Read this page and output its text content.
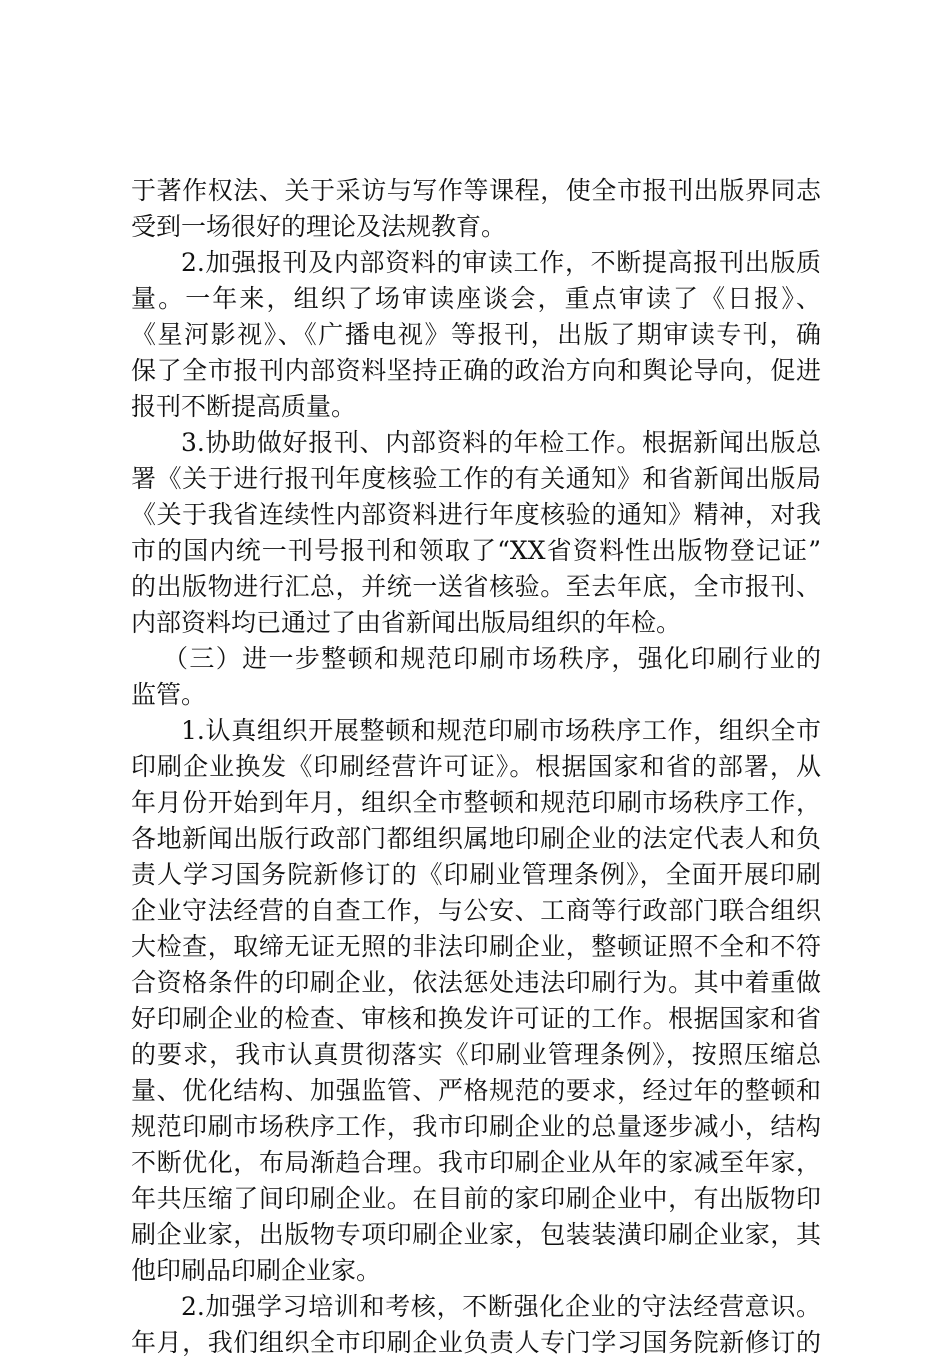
于著作权法、关于采访与写作等课程，使全市报刊出版界同志
受到一场很好的理论及法规教育。
2.加强报刊及内部资料的审读工作，不断提高报刊出版质
量。一年来，组织了场审读座谈会，重点审读了《日报》、
《星河影视》、《广播电视》等报刊，出版了期审读专刊，确
保了全市报刊内部资料坚持正确的政治方向和舆论导向，促进
报刊不断提高质量。
3.协助做好报刊、内部资料的年检工作。根据新闻出版总
署《关于进行报刊年度核验工作的有关通知》和省新闻出版局
《关于我省连续性内部资料进行年度核验的通知》精神，对我
市的国内统一刊号报刊和领取了“XX省资料性出版物登记证”
的出版物进行汇总，并统一送省核验。至去年底，全市报刊、
内部资料均已通过了由省新闻出版局组织的年检。
（三）进一步整顿和规范印刷市场秩序，强化印刷行业的
监管。
1.认真组织开展整顿和规范印刷市场秩序工作，组织全市
印刷企业换发《印刷经营许可证》。根据国家和省的部署，从
年月份开始到年月，组织全市整顿和规范印刷市场秩序工作，
各地新闻出版行政部门都组织属地印刷企业的法定代表人和负
责人学习国务院新修订的《印刷业管理条例》，全面开展印刷
企业守法经营的自查工作，与公安、工商等行政部门联合组织
大检查，取缔无证无照的非法印刷企业，整顿证照不全和不符
合资格条件的印刷企业，依法惩处违法印刷行为。其中着重做
好印刷企业的检查、审核和换发许可证的工作。根据国家和省
的要求，我市认真贯彻落实《印刷业管理条例》，按照压缩总
量、优化结构、加强监管、严格规范的要求，经过年的整顿和
规范印刷市场秩序工作，我市印刷企业的总量逐步减小，结构
不断优化，布局渐趋合理。我市印刷企业从年的家减至年家，
年共压缩了间印刷企业。在目前的家印刷企业中，有出版物印
刷企业家，出版物专项印刷企业家，包装装潢印刷企业家，其
他印刷品印刷企业家。
2.加强学习培训和考核，不断强化企业的守法经营意识。
年月，我们组织全市印刷企业负责人专门学习国务院新修订的
